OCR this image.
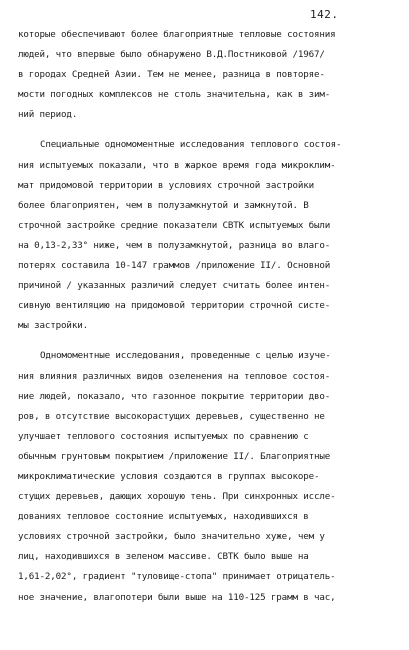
142.
которые обеспечивают более благоприятные тепловые состояния
людей, что впервые было обнаружено В.Д.Постниковой /1967/
в городах Средней Азии. Тем не менее, разница в повторяе-
мости погодных комплексов не столь значительна, как в зим-
ний период.
Специальные одномоментные исследования теплового состоя-
ния испытуемых показали, что в жаркое время года микроклим-
мат придомовой территории в условиях строчной застройки
более благоприятен, чем в полузамкнутой и замкнутой. В
строчной застройке средние показатели СВТК испытуемых были
на 0,13-2,33° ниже, чем в полузамкнутой, разница во влаго-
потерях составила 10-147 граммов /приложение II/. Основной
причиной / указанных различий следует считать более интен-
сивную вентиляцию на придомовой территории строчной систе-
мы застройки.
Одномоментные исследования, проведенные с целью изуче-
ния влияния различных видов озеленения на тепловое состоя-
ние людей, показало, что газонное покрытие территории дво-
ров, в отсутствие высокорастущих деревьев, существенно не
улучшает теплового состояния испытуемых по сравнению с
обычным грунтовым покрытием /приложение II/. Благоприятные
микроклиматические условия создаются в группах высокоре-
стущих деревьев, дающих хорошую тень. При синхронных иссле-
дованиях тепловое состояние испытуемых, находившихся в
условиях строчной застройки, было значительно хуже, чем у
лиц, находившихся в зеленом массиве. СВТК было выше на
1,61-2,02°, градиент "туловище-стопа" принимает отрицатель-
ное значение, влагопотери были выше на 110-125 грамм в час,
